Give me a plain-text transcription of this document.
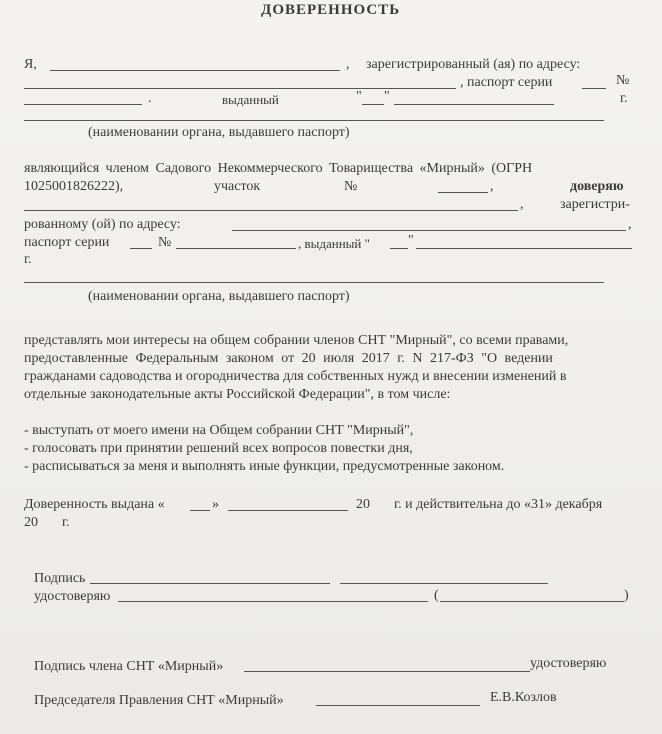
ДОВЕРЕННОСТЬ
Я,	, зарегистрированный (ая) по адресу:
, паспорт серии	№
.	выданный	" "	г.
(наименовании органа, выдавшего паспорт)
являющийся членом Садового Некоммерческого Товарищества «Мирный» (ОГРН
1025001826222),	участок	№	,	доверяю
,	зарегистри-
рованному (ой) по адресу:	,
паспорт серии	№	, выданный "	"
г.
(наименовании органа, выдавшего паспорт)
представлять мои интересы на общем собрании членов СНТ "Мирный", со всеми правами,
предоставленные Федеральным законом от 20 июля 2017 г. N 217-ФЗ "О ведении
гражданами садоводства и огородничества для собственных нужд и внесении изменений в
отдельные законодательные акты Российской Федерации", в том числе:
- выступать от моего имени на Общем собрании СНТ "Мирный",
- голосовать при принятии решений всех вопросов повестки дня,
- расписываться за меня и выполнять иные функции, предусмотренные законом.
Доверенность выдана «	»	20 г. и действительна до «31» декабря
20 г.
Подпись
удостоверяю	(	)
Подпись члена СНТ «Мирный»	удостоверяю
Председателя Правления СНТ «Мирный»	Е.В.Козлов
